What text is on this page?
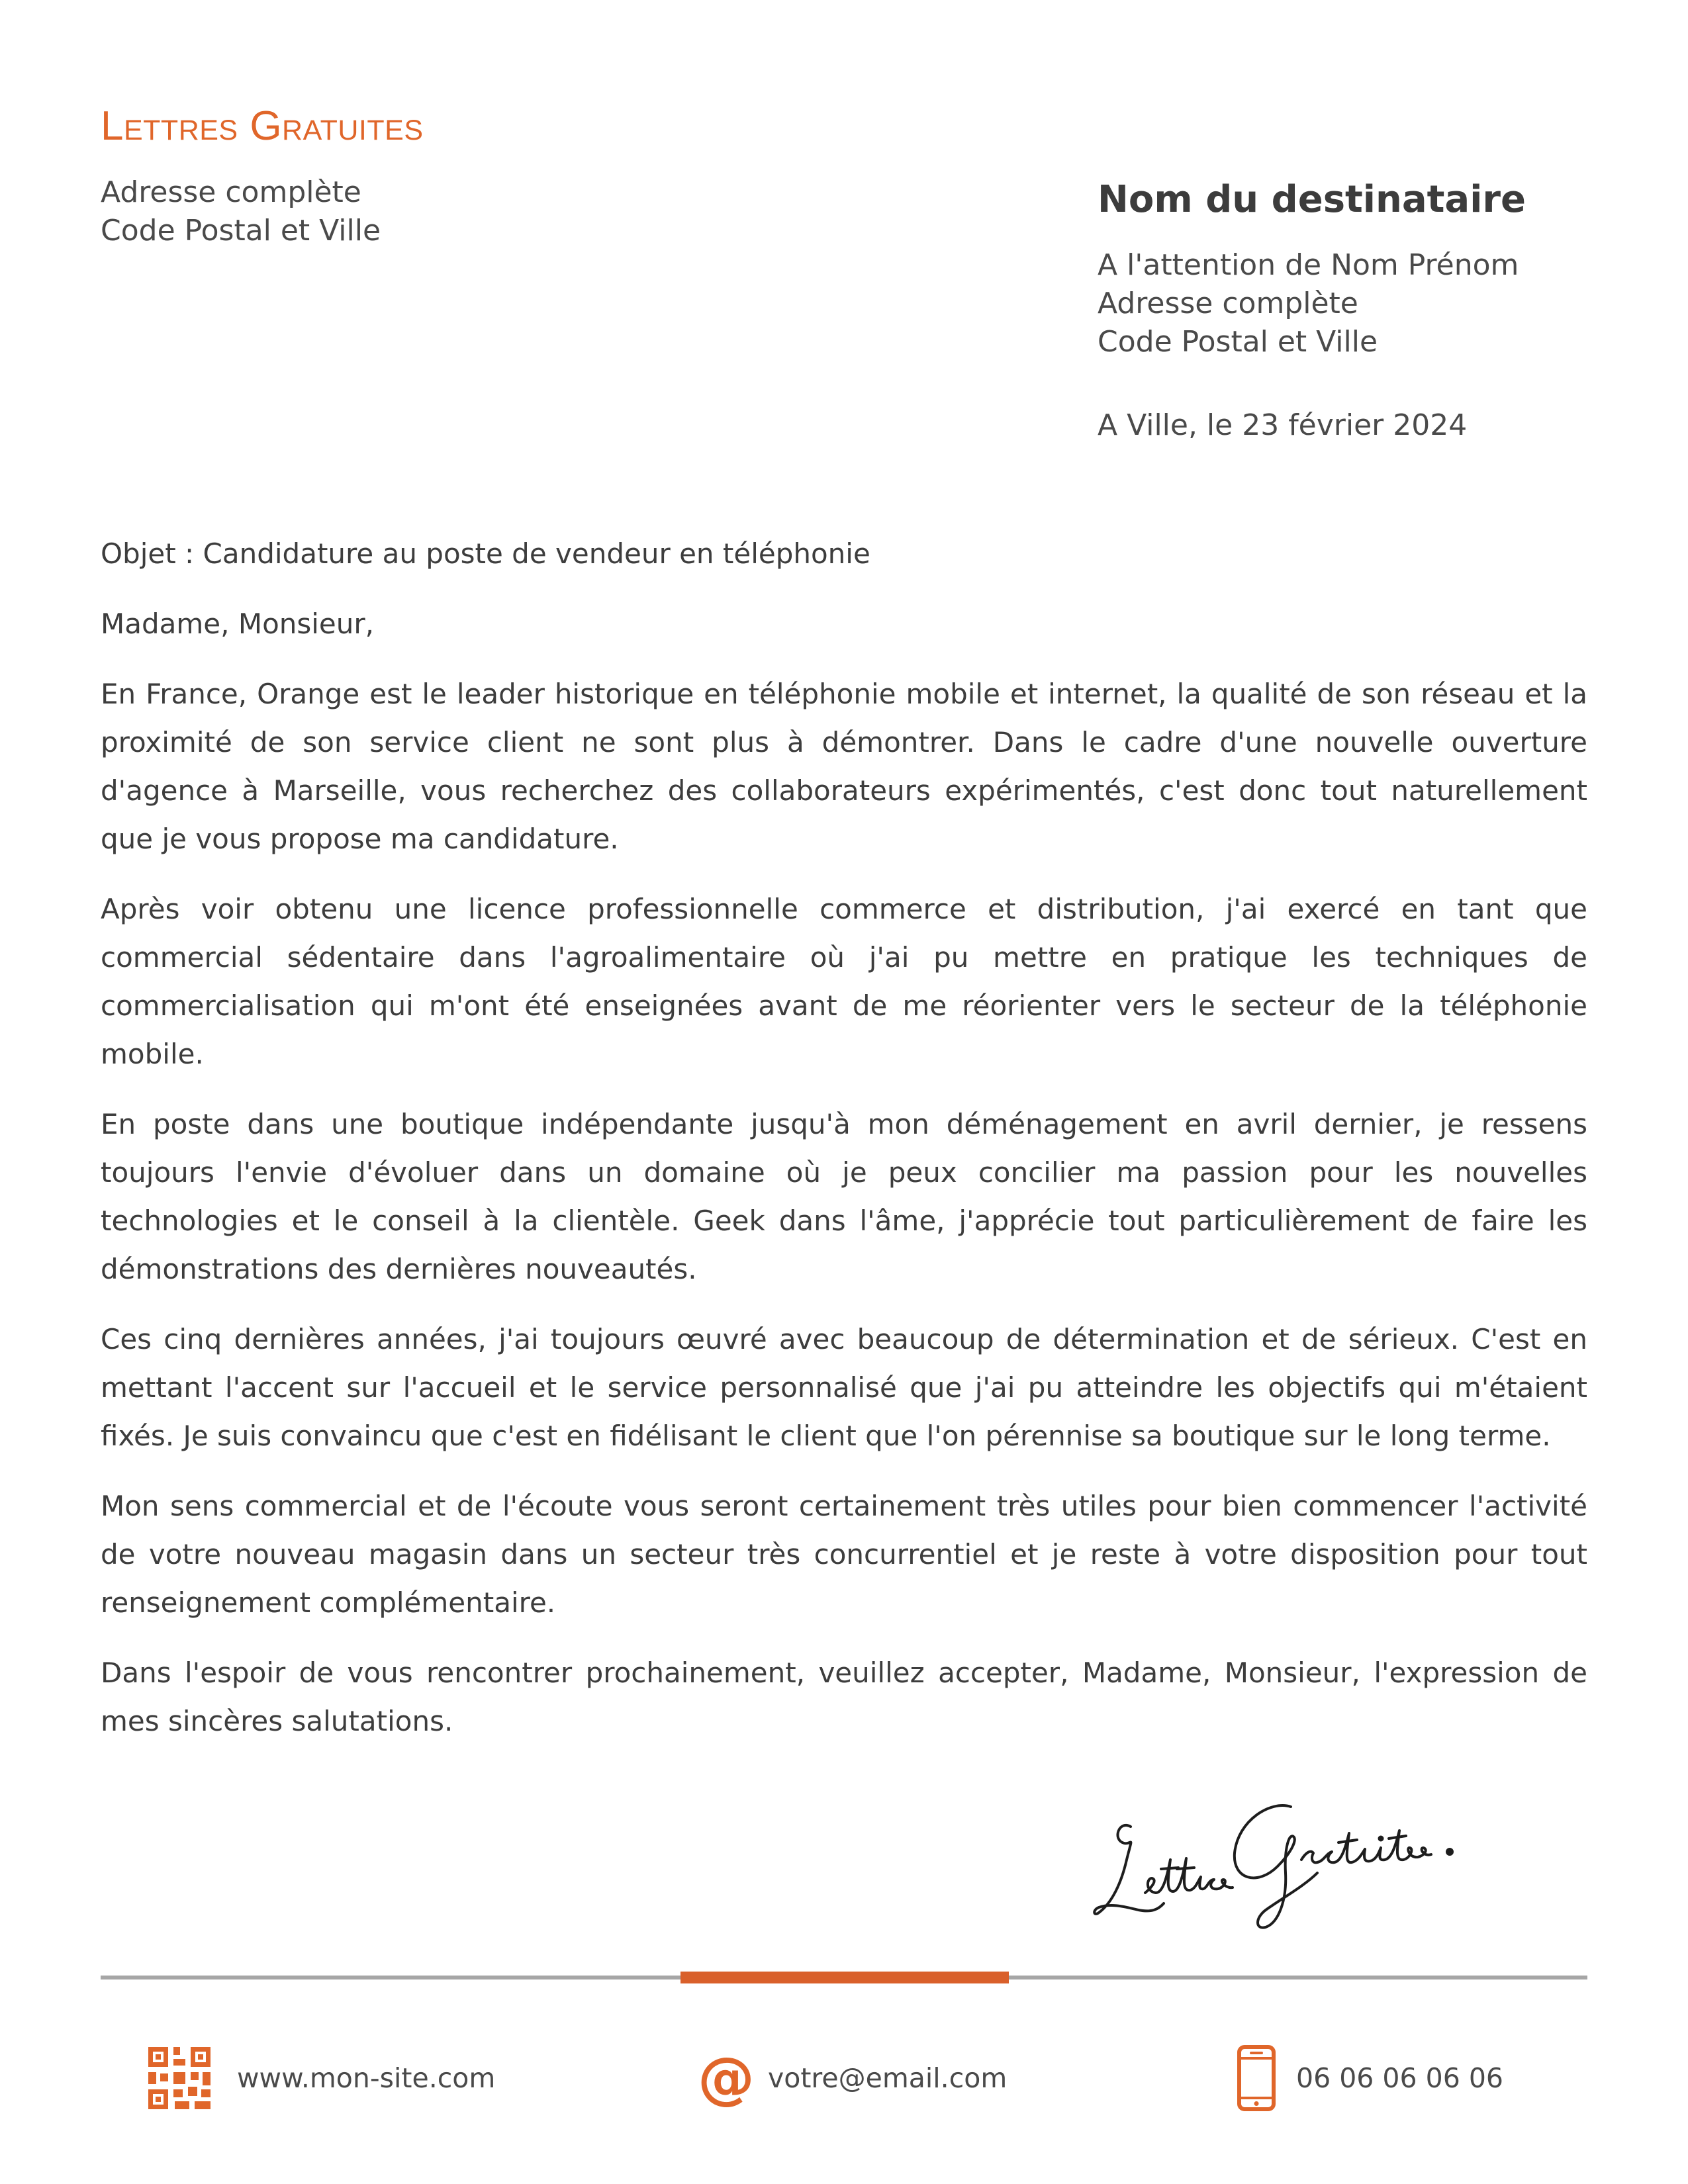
Lettres Gratuites
Adresse complète
Code Postal et Ville
Nom du destinataire
A l'attention de Nom Prénom
Adresse complète
Code Postal et Ville
A Ville, le 23 février 2024

Objet : Candidature au poste de vendeur en téléphonie

Madame, Monsieur,

En France, Orange est le leader historique en téléphonie mobile et internet, la qualité de son réseau et la proximité de son service client ne sont plus à démontrer. Dans le cadre d'une nouvelle ouverture d'agence à Marseille, vous recherchez des collaborateurs expérimentés, c'est donc tout naturellement que je vous propose ma candidature.

Après voir obtenu une licence professionnelle commerce et distribution, j'ai exercé en tant que commercial sédentaire dans l'agroalimentaire où j'ai pu mettre en pratique les techniques de commercialisation qui m'ont été enseignées avant de me réorienter vers le secteur de la téléphonie mobile.

En poste dans une boutique indépendante jusqu'à mon déménagement en avril dernier, je ressens toujours l'envie d'évoluer dans un domaine où je peux concilier ma passion pour les nouvelles technologies et le conseil à la clientèle. Geek dans l'âme, j'apprécie tout particulièrement de faire les démonstrations des dernières nouveautés.

Ces cinq dernières années, j'ai toujours œuvré avec beaucoup de détermination et de sérieux. C'est en mettant l'accent sur l'accueil et le service personnalisé que j'ai pu atteindre les objectifs qui m'étaient fixés. Je suis convaincu que c'est en fidélisant le client que l'on pérennise sa boutique sur le long terme.

Mon sens commercial et de l'écoute vous seront certainement très utiles pour bien commencer l'activité de votre nouveau magasin dans un secteur très concurrentiel et je reste à votre disposition pour tout renseignement complémentaire.

Dans l'espoir de vous rencontrer prochainement, veuillez accepter, Madame, Monsieur, l'expression de mes sincères salutations.

www.mon-site.com	@ votre@email.com	06 06 06 06 06
